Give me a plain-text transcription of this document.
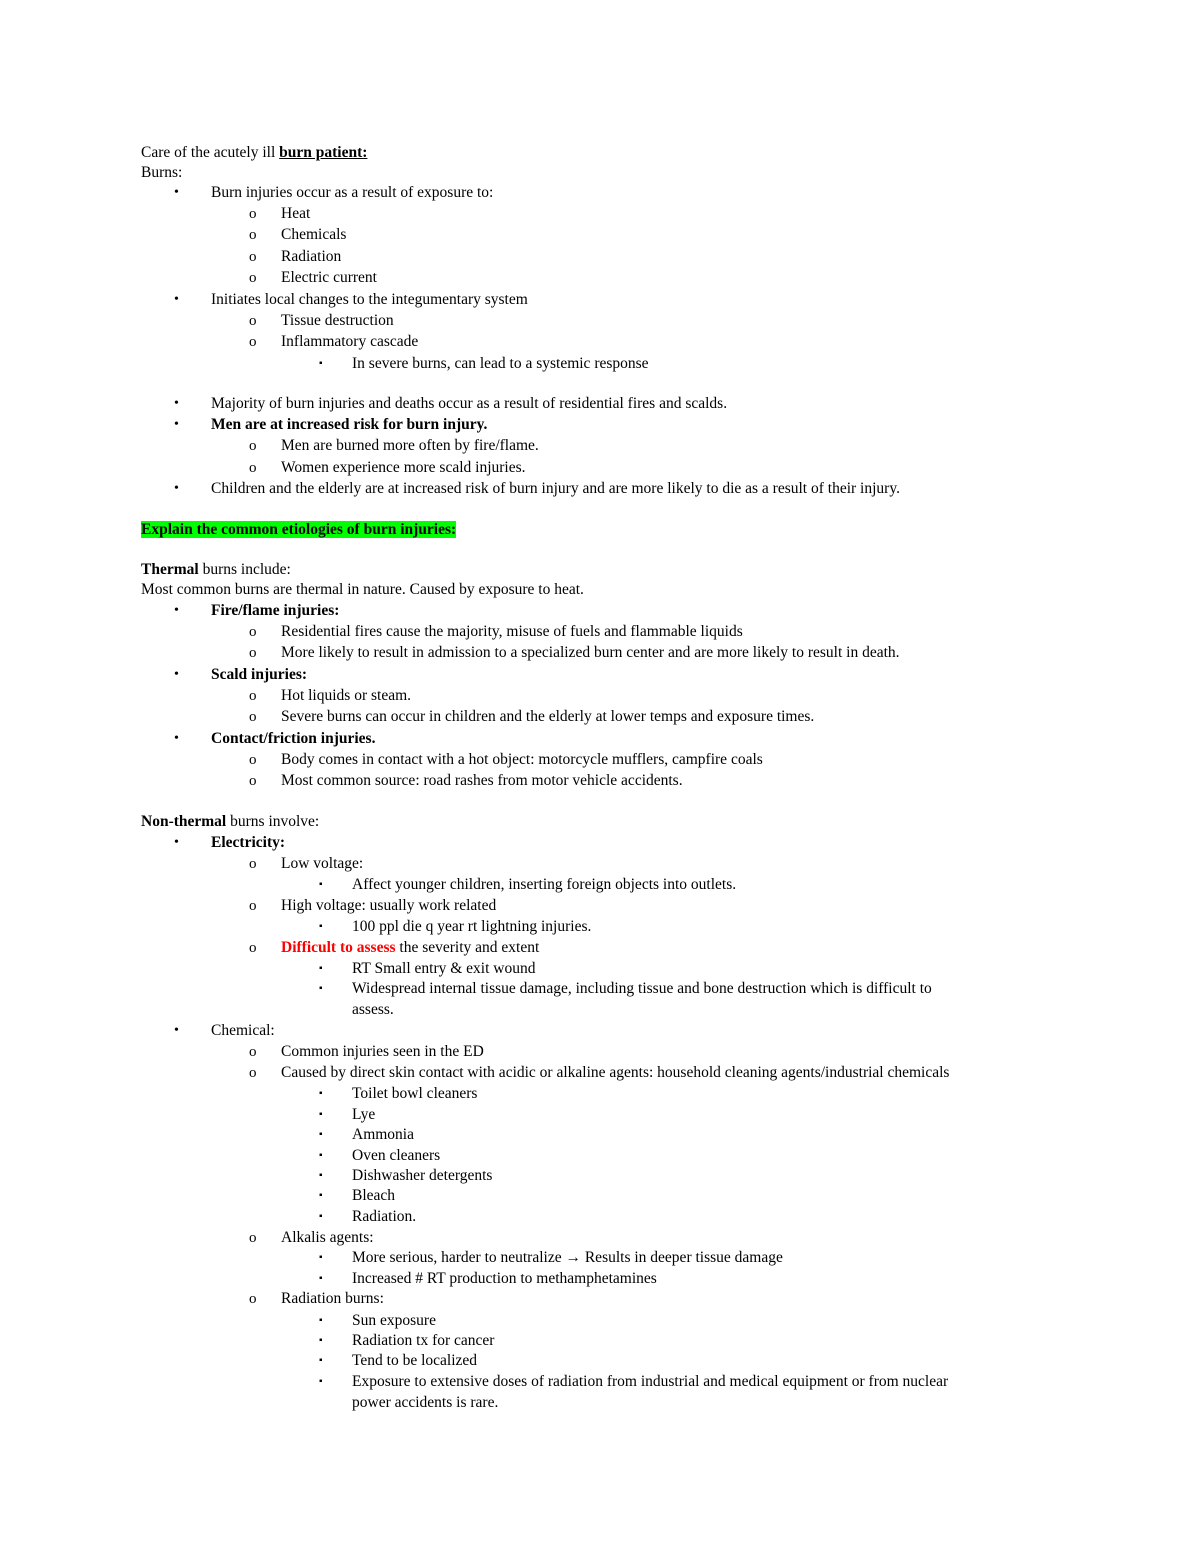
Care of the acutely ill burn patient:
Burns:
• Burn injuries occur as a result of exposure to:
o Heat
o Chemicals
o Radiation
o Electric current
• Initiates local changes to the integumentary system
o Tissue destruction
o Inflammatory cascade
▪ In severe burns, can lead to a systemic response
• Majority of burn injuries and deaths occur as a result of residential fires and scalds.
• Men are at increased risk for burn injury.
o Men are burned more often by fire/flame.
o Women experience more scald injuries.
• Children and the elderly are at increased risk of burn injury and are more likely to die as a result of their injury.
Explain the common etiologies of burn injuries:
Thermal burns include:
Most common burns are thermal in nature. Caused by exposure to heat.
• Fire/flame injuries:
o Residential fires cause the majority, misuse of fuels and flammable liquids
o More likely to result in admission to a specialized burn center and are more likely to result in death.
• Scald injuries:
o Hot liquids or steam.
o Severe burns can occur in children and the elderly at lower temps and exposure times.
• Contact/friction injuries.
o Body comes in contact with a hot object: motorcycle mufflers, campfire coals
o Most common source: road rashes from motor vehicle accidents.
Non-thermal burns involve:
• Electricity:
o Low voltage:
▪ Affect younger children, inserting foreign objects into outlets.
o High voltage: usually work related
▪ 100 ppl die q year rt lightning injuries.
o Difficult to assess the severity and extent
▪ RT Small entry & exit wound
▪ Widespread internal tissue damage, including tissue and bone destruction which is difficult to
assess.
• Chemical:
o Common injuries seen in the ED
o Caused by direct skin contact with acidic or alkaline agents: household cleaning agents/industrial chemicals
▪ Toilet bowl cleaners
▪ Lye
▪ Ammonia
▪ Oven cleaners
▪ Dishwasher detergents
▪ Bleach
▪ Radiation.
o Alkalis agents:
▪ More serious, harder to neutralize → Results in deeper tissue damage
▪ Increased # RT production to methamphetamines
o Radiation burns:
▪ Sun exposure
▪ Radiation tx for cancer
▪ Tend to be localized
▪ Exposure to extensive doses of radiation from industrial and medical equipment or from nuclear
power accidents is rare.
